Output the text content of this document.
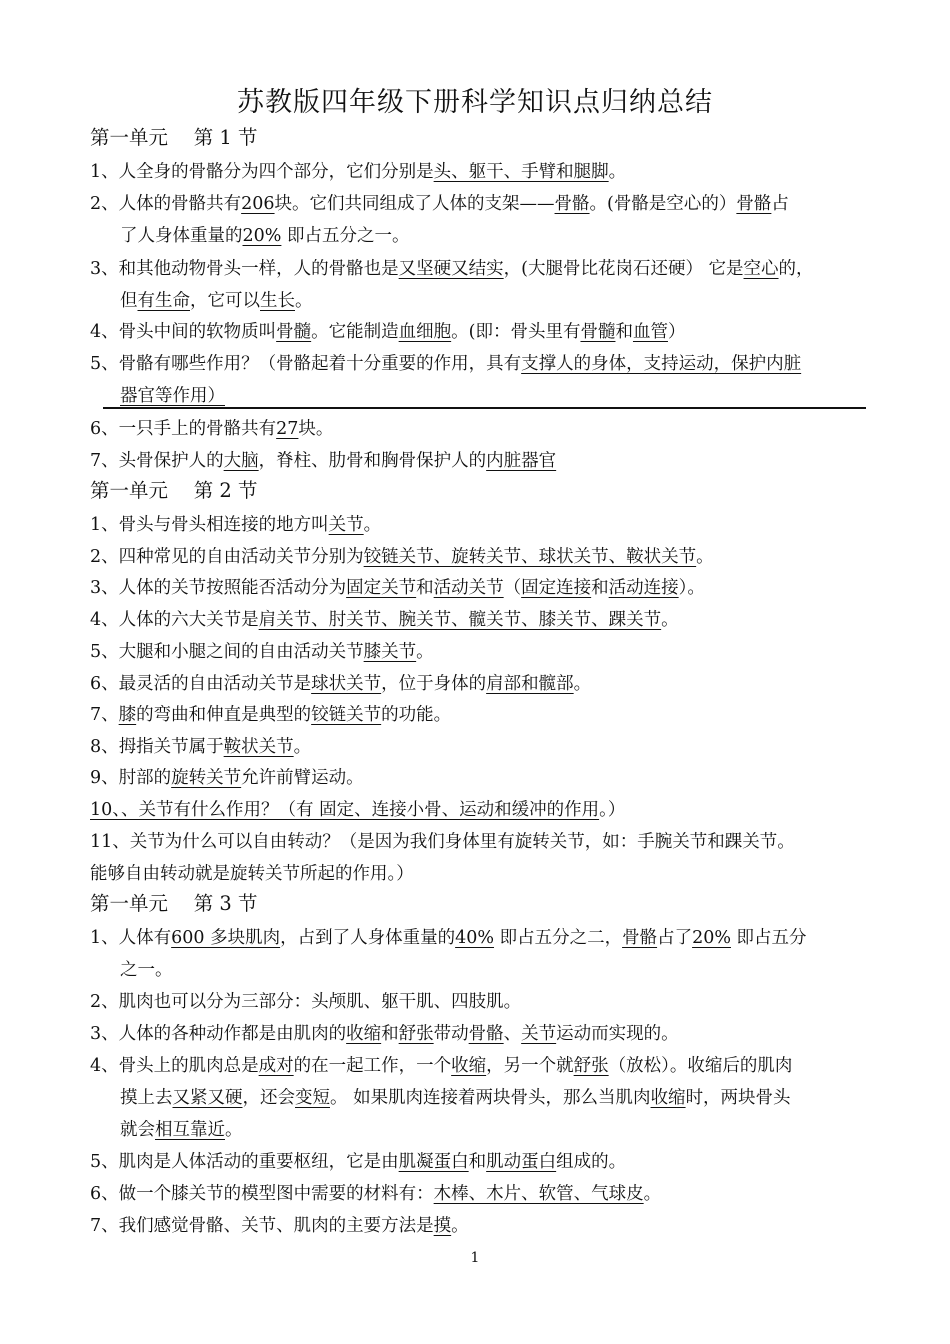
苏教版四年级下册科学知识点归纳总结
第一单元　 第 1 节
1、人全身的骨骼分为四个部分，它们分别是头、躯干、手臂和腿脚。
2、人体的骨骼共有206块。它们共同组成了人体的支架——骨骼。(骨骼是空心的）骨骼占
了人身体重量的20% 即占五分之一。
3、和其他动物骨头一样，人的骨骼也是又坚硬又结实，(大腿骨比花岗石还硬） 它是空心的，
但有生命，它可以生长。
4、骨头中间的软物质叫骨髓。它能制造血细胞。(即：骨头里有骨髓和血管）
5、骨骼有哪些作用？（骨骼起着十分重要的作用，具有支撑人的身体，支持运动，保护内脏
器官等作用）
6、一只手上的骨骼共有27块。
7、头骨保护人的大脑，脊柱、肋骨和胸骨保护人的内脏器官
第一单元　 第 2 节
1、骨头与骨头相连接的地方叫关节。
2、四种常见的自由活动关节分别为铰链关节、旋转关节、球状关节、鞍状关节。
3、人体的关节按照能否活动分为固定关节和活动关节（固定连接和活动连接）。
4、人体的六大关节是肩关节、肘关节、腕关节、髋关节、膝关节、踝关节。
5、大腿和小腿之间的自由活动关节膝关节。
6、最灵活的自由活动关节是球状关节，位于身体的肩部和髋部。
7、膝的弯曲和伸直是典型的铰链关节的功能。
8、拇指关节属于鞍状关节。
9、肘部的旋转关节允许前臂运动。
10、、关节有什么作用？（有 固定、连接小骨、运动和缓冲的作用。）
11、关节为什么可以自由转动？（是因为我们身体里有旋转关节，如：手腕关节和踝关节。
能够自由转动就是旋转关节所起的作用。）
第一单元　 第 3 节
1、人体有600 多块肌肉，占到了人身体重量的40% 即占五分之二，骨骼占了20% 即占五分
之一。
2、肌肉也可以分为三部分：头颅肌、躯干肌、四肢肌。
3、人体的各种动作都是由肌肉的收缩和舒张带动骨骼、关节运动而实现的。
4、骨头上的肌肉总是成对的在一起工作，一个收缩，另一个就舒张（放松）。收缩后的肌肉
摸上去又紧又硬，还会变短。 如果肌肉连接着两块骨头，那么当肌肉收缩时，两块骨头
就会相互靠近。
5、肌肉是人体活动的重要枢纽，它是由肌凝蛋白和肌动蛋白组成的。
6、做一个膝关节的模型图中需要的材料有：木棒、木片、软管、气球皮。
7、我们感觉骨骼、关节、肌肉的主要方法是摸。
1
